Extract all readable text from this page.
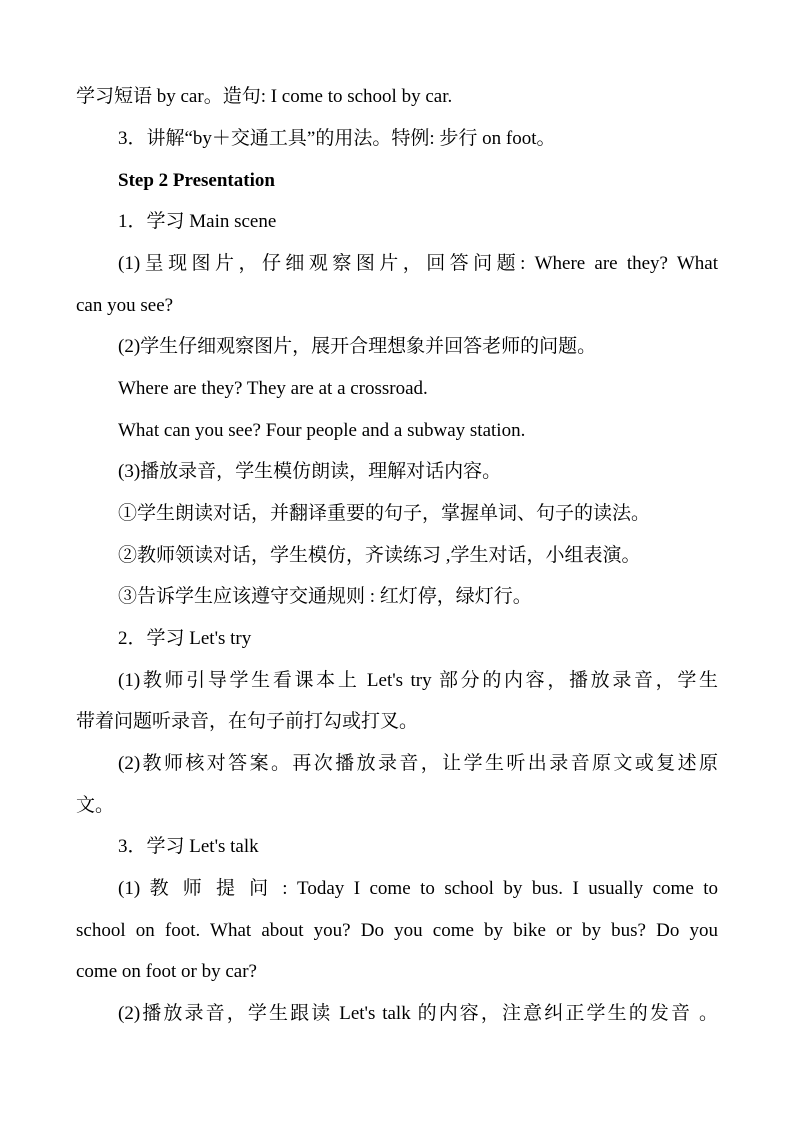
学习短语 by car。造句: I come to school by car.
3．讲解“by＋交通工具”的用法。特例: 步行 on foot。
Step 2 Presentation
1．学习 Main scene
(1)呈现图片，仔细观察图片，回答问题: Where are they? What
can you see?
(2)学生仔细观察图片，展开合理想象并回答老师的问题。
Where are they? They are at a crossroad.
What can you see? Four people and a subway station.
(3)播放录音，学生模仿朗读，理解对话内容。
①学生朗读对话，并翻译重要的句子，掌握单词、句子的读法。
②教师领读对话，学生模仿，齐读练习 ,学生对话，小组表演。
③告诉学生应该遵守交通规则 : 红灯停，绿灯行。
2．学习 Let's try
(1)教师引导学生看课本上 Let's try 部分的内容，播放录音，学生
带着问题听录音，在句子前打勾或打叉。
(2)教师核对答案。再次播放录音，让学生听出录音原文或复述原
文。
3．学习 Let's talk
(1) 教 师 提 问 : Today I come to school by bus. I usually come to
school on foot. What about you? Do you come by bike or by bus? Do you
come on foot or by car?
(2)播放录音，学生跟读 Let's talk 的内容，注意纠正学生的发音 。
